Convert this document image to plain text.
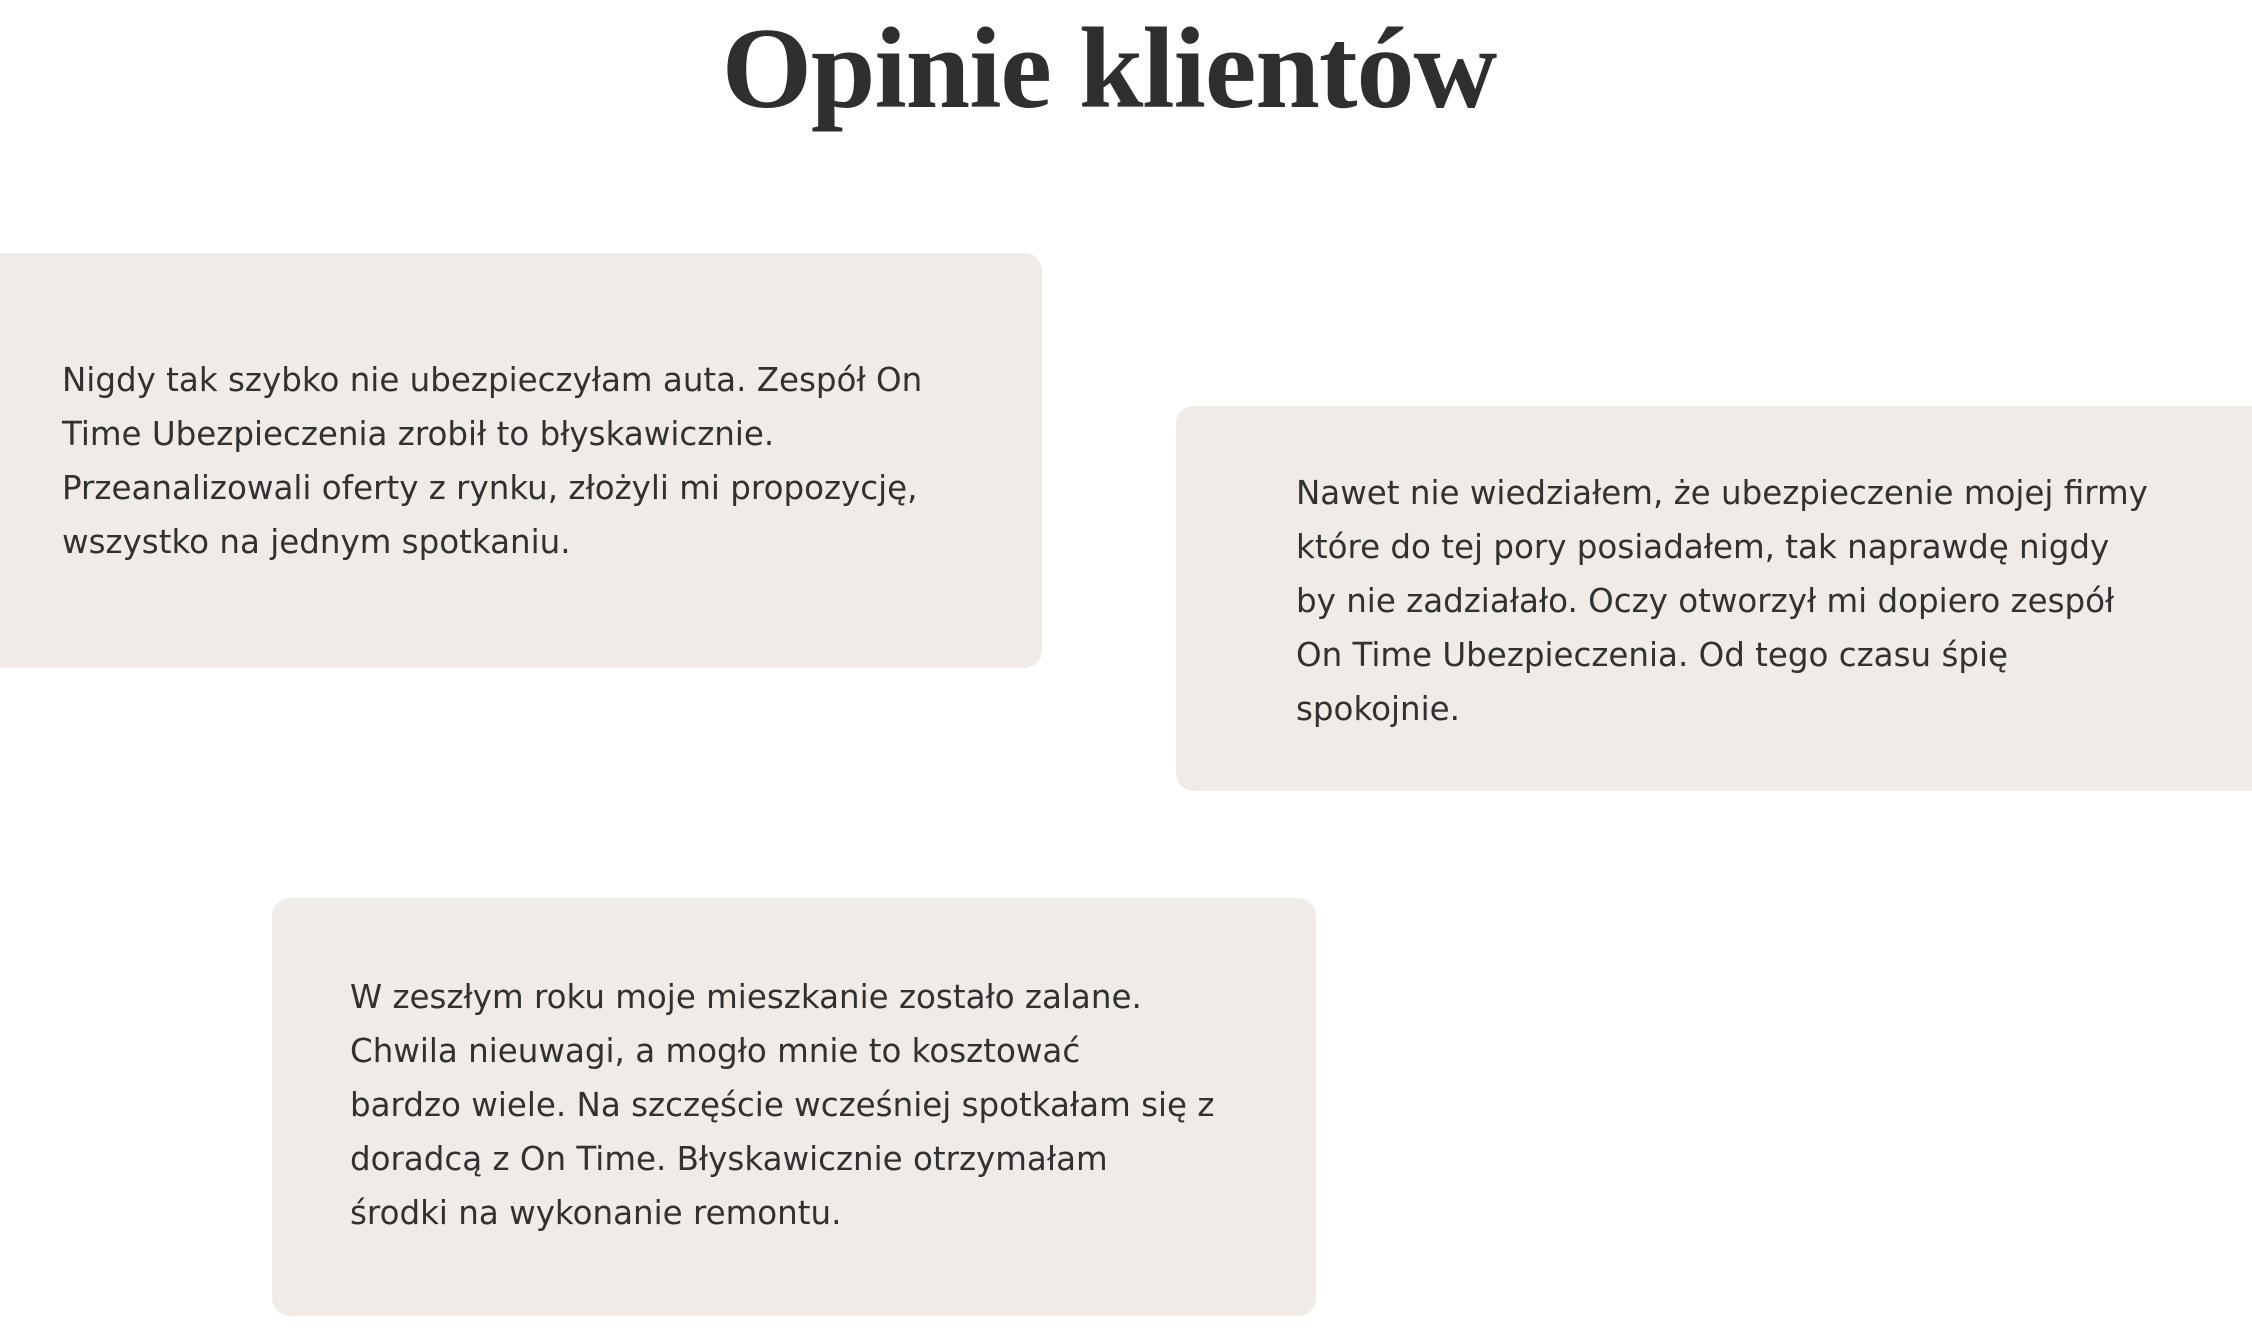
Opinie klientów

Nigdy tak szybko nie ubezpieczyłam auta. Zespół On
Time Ubezpieczenia zrobił to błyskawicznie.
Przeanalizowali oferty z rynku, złożyli mi propozycję,
wszystko na jednym spotkaniu.

Nawet nie wiedziałem, że ubezpieczenie mojej firmy
które do tej pory posiadałem, tak naprawdę nigdy
by nie zadziałało. Oczy otworzył mi dopiero zespół
On Time Ubezpieczenia. Od tego czasu śpię
spokojnie.

W zeszłym roku moje mieszkanie zostało zalane.
Chwila nieuwagi, a mogło mnie to kosztować
bardzo wiele. Na szczęście wcześniej spotkałam się z
doradcą z On Time. Błyskawicznie otrzymałam
środki na wykonanie remontu.
